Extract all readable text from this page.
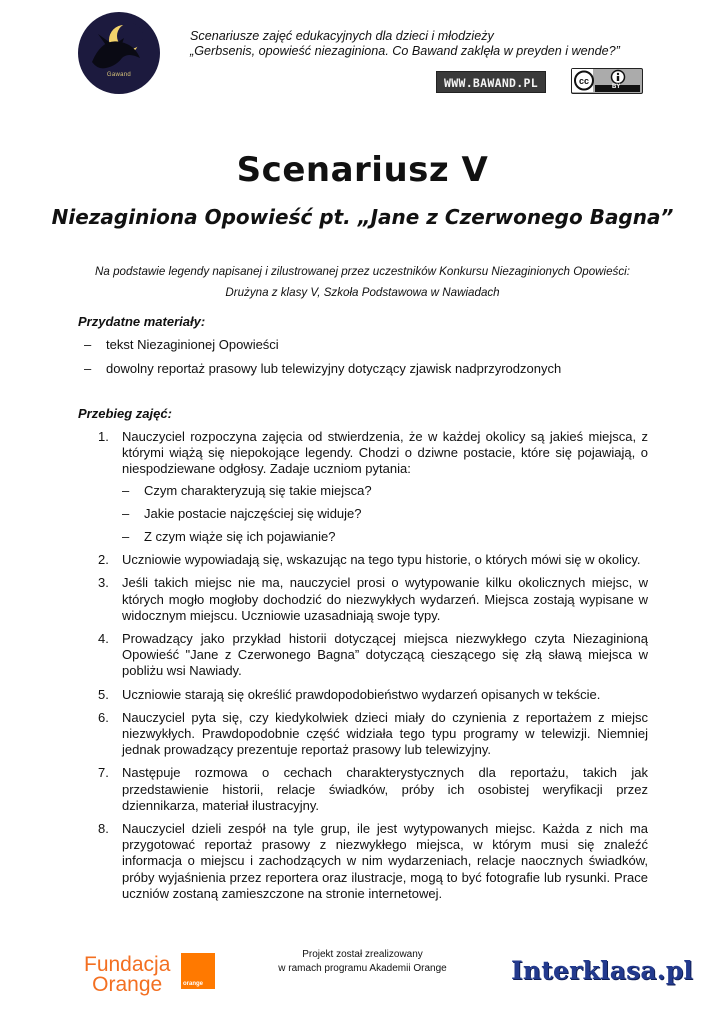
Gawand
Scenariusze zajęć edukacyjnych dla dzieci i młodzieży
„Gerbsenis, opowieść niezaginiona. Co Bawand zaklęła w preyden i wende?”
WWW.BAWAND.PL	cc
BY
Scenariusz V
Niezaginiona Opowieść pt. „Jane z Czerwonego Bagna”
Na podstawie legendy napisanej i zilustrowanej przez uczestników Konkursu Niezaginionych Opowieści:
Drużyna z klasy V, Szkoła Podstawowa w Nawiadach
Przydatne materiały:
– tekst Niezaginionej Opowieści
– dowolny reportaż prasowy lub telewizyjny dotyczący zjawisk nadprzyrodzonych
Przebieg zajęć:
1. Nauczyciel rozpoczyna zajęcia od stwierdzenia, że w każdej okolicy są jakieś miejsca, z którymi wiążą się niepokojące legendy. Chodzi o dziwne postacie, które się pojawiają, o niespodziewane odgłosy. Zadaje uczniom pytania:
– Czym charakteryzują się takie miejsca?
– Jakie postacie najczęściej się widuje?
– Z czym wiąże się ich pojawianie?
2. Uczniowie wypowiadają się, wskazując na tego typu historie, o których mówi się w okolicy.
3. Jeśli takich miejsc nie ma, nauczyciel prosi o wytypowanie kilku okolicznych miejsc, w których mogło mogłoby dochodzić do niezwykłych wydarzeń. Miejsca zostają wypisane w widocznym miejscu. Uczniowie uzasadniają swoje typy.
4. Prowadzący jako przykład historii dotyczącej miejsca niezwykłego czyta Niezaginioną Opowieść "Jane z Czerwonego Bagna” dotyczącą cieszącego się złą sławą miejsca w pobliżu wsi Nawiady.
5. Uczniowie starają się określić prawdopodobieństwo wydarzeń opisanych w tekście.
6. Nauczyciel pyta się, czy kiedykolwiek dzieci miały do czynienia z reportażem z miejsc niezwykłych. Prawdopodobnie część widziała tego typu programy w telewizji. Niemniej jednak prowadzący prezentuje reportaż prasowy lub telewizyjny.
7. Następuje rozmowa o cechach charakterystycznych dla reportażu, takich jak przedstawienie historii, relacje świadków, próby ich osobistej weryfikacji przez dziennikarza, materiał ilustracyjny.
8. Nauczyciel dzieli zespół na tyle grup, ile jest wytypowanych miejsc. Każda z nich ma przygotować reportaż prasowy z niezwykłego miejsca, w którym musi się znaleźć informacja o miejscu i zachodzących w nim wydarzeniach, relacje naocznych świadków, próby wyjaśnienia przez reportera oraz ilustracje, mogą to być fotografie lub rysunki. Prace uczniów zostaną zamieszczone na stronie internetowej.
Fundacja
Orange	orange
Projekt został zrealizowany
w ramach programu Akademii Orange	Interklasa.pl
